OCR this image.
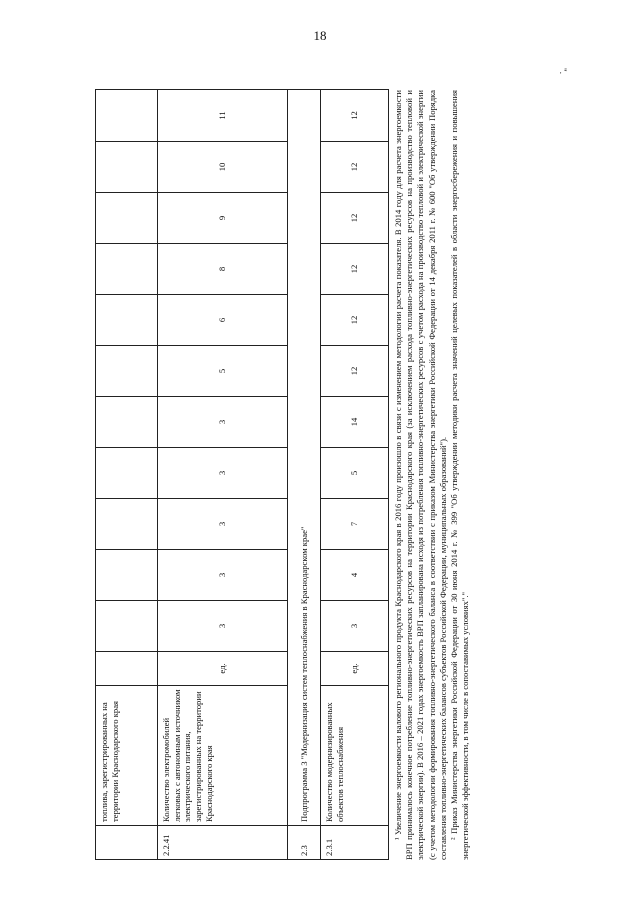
18
".
	топлива, зарегистрированных на территории Краснодарского края												
2.2.41	Количество электромобилей легковых с автономным источником электрического питания, зарегистрированных на территории Краснодарского края	ед.	3	3	3	3	3	5	6	8	9	10	11
2.3	Подпрограмма 3 "Модернизация систем теплоснабжения в Краснодарском крае"												
2.3.1	Количество модернизированных объектов теплоснабжения	ед.	3	4	7	5	14	12	12	12	12	12	12	¹ Увеличение энергоемкости валового регионального продукта Краснодарского края в 2016 году произошло в связи с изменением методологии расчета показателя. В 2014 году для расчета энергоемкости ВРП принималось конечное потребление топливно-энергетических ресурсов на территории Краснодарского края (за исключением расхода топливно-энергетических ресурсов на производство тепловой и электрической энергии). В 2016 – 2021 годах энергоемкость ВРП запланирована исходя из потребления топливно-энергетических ресурсов с учетом расхода на производство тепловой и электрической энергии (с учетом методологии формирования топливно-энергетического баланса в соответствии с приказом Министерства энергетики Российской Федерации от 14 декабря 2011 г. № 600 "Об утверждении Порядка составления топливно-энергетических балансов субъектов Российской Федерации, муниципальных образований"). ² Приказ Министерства энергетики Российской Федерации от 30 июня 2014 г. № 399 "Об утверждении методики расчета значений целевых показателей в области энергосбережения и повышения энергетической эффективности, в том числе в сопоставимых условиях"."
